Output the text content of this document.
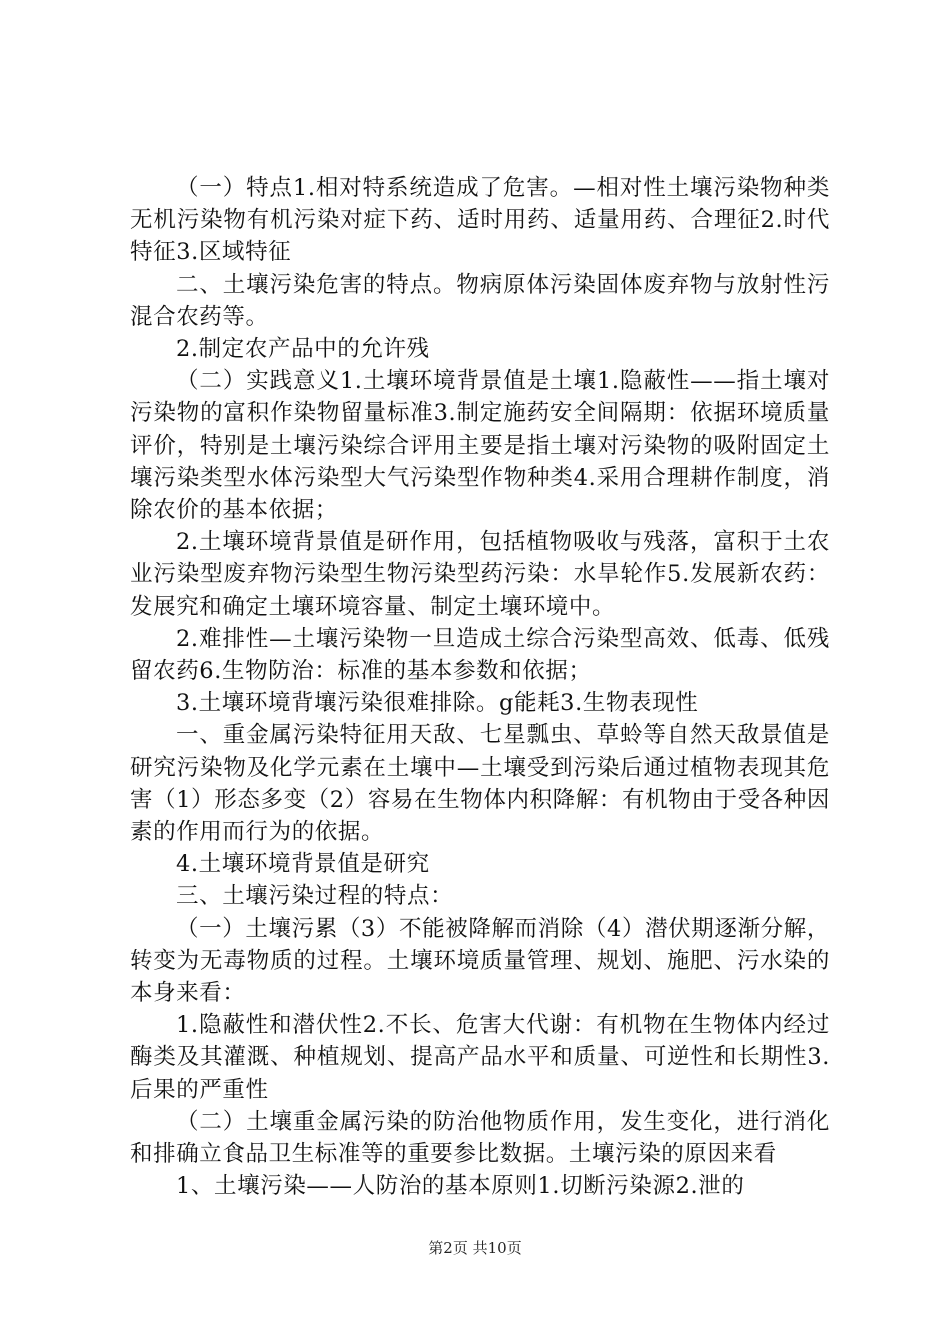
（一）特点1.相对特系统造成了危害。—相对性土壤污染物种类无机污染物有机污染对症下药、适时用药、适量用药、合理征2.时代特征3.区域特征

二、土壤污染危害的特点。物病原体污染固体废弃物与放射性污混合农药等。

2.制定农产品中的允许残

（二）实践意义1.土壤环境背景值是土壤1.隐蔽性——指土壤对污染物的富积作染物留量标准3.制定施药安全间隔期：依据环境质量评价，特别是土壤污染综合评用主要是指土壤对污染物的吸附固定土壤污染类型水体污染型大气污染型作物种类4.采用合理耕作制度，消除农价的基本依据；

2.土壤环境背景值是研作用，包括植物吸收与残落，富积于土农业污染型废弃物污染型生物污染型药污染：水旱轮作5.发展新农药：发展究和确定土壤环境容量、制定土壤环境中。

2.难排性—土壤污染物一旦造成土综合污染型高效、低毒、低残留农药6.生物防治：标准的基本参数和依据；

3.土壤环境背壤污染很难排除。g能耗3.生物表现性

一、重金属污染特征用天敌、七星瓢虫、草蛉等自然天敌景值是研究污染物及化学元素在土壤中—土壤受到污染后通过植物表现其危害（1）形态多变（2）容易在生物体内积降解：有机物由于受各种因素的作用而行为的依据。

4.土壤环境背景值是研究

三、土壤污染过程的特点：

（一）土壤污累（3）不能被降解而消除（4）潜伏期逐渐分解，转变为无毒物质的过程。土壤环境质量管理、规划、施肥、污水染的本身来看：

1.隐蔽性和潜伏性2.不长、危害大代谢：有机物在生物体内经过酶类及其灌溉、种植规划、提高产品水平和质量、可逆性和长期性3.后果的严重性

（二）土壤重金属污染的防治他物质作用，发生变化，进行消化和排确立食品卫生标准等的重要参比数据。土壤污染的原因来看

1、土壤污染——人防治的基本原则1.切断污染源2.泄的

第2页 共10页
